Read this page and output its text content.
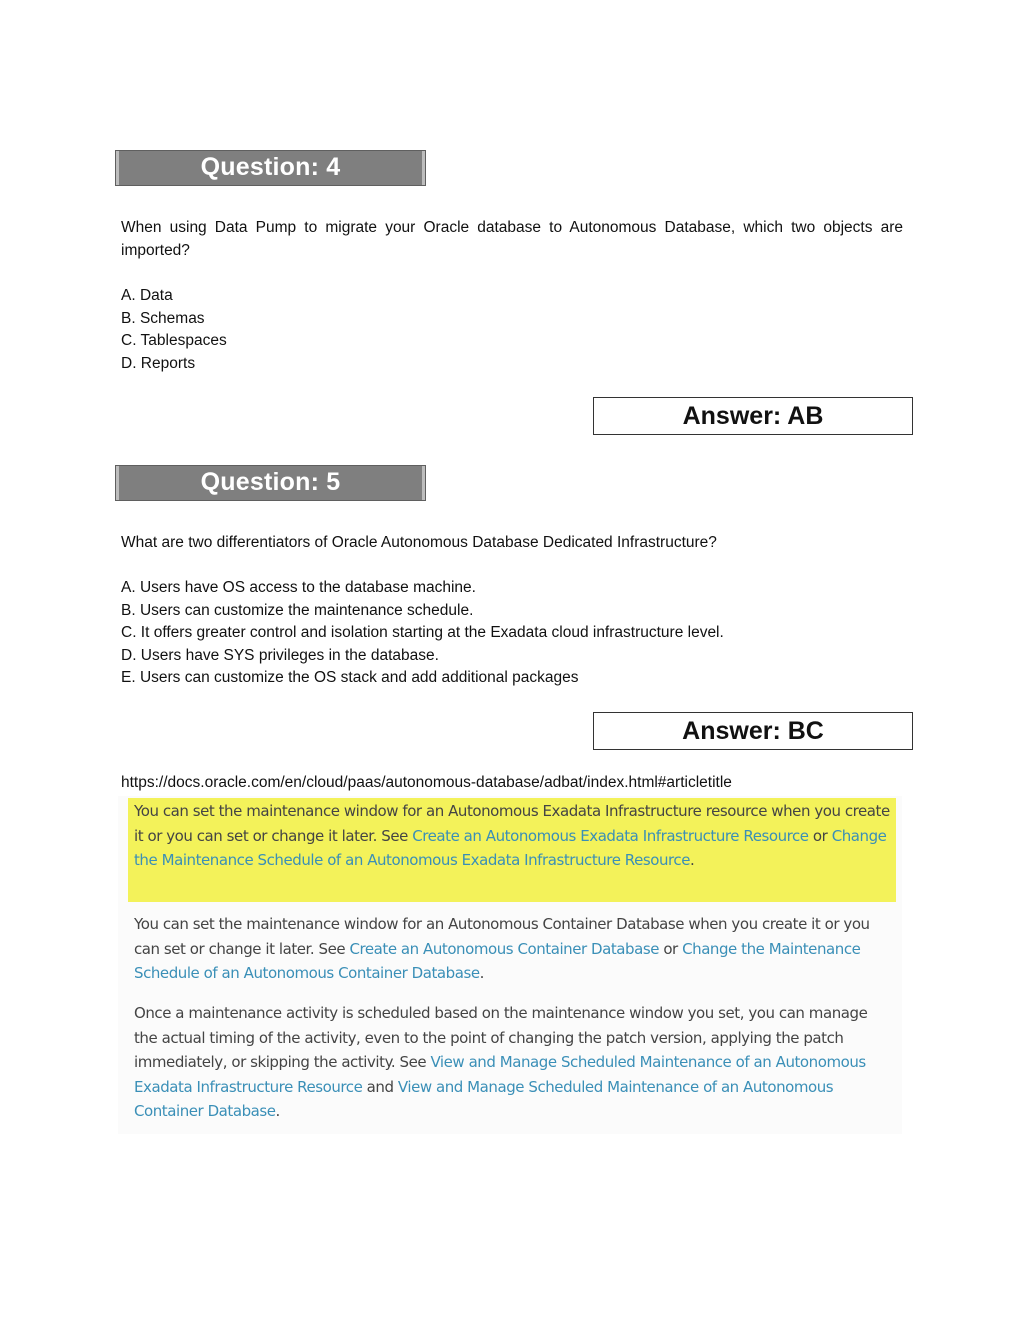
Question: 4
When using Data Pump to migrate your Oracle database to Autonomous Database, which two objects are imported?
A. Data
B. Schemas
C. Tablespaces
D. Reports
Answer: AB
Question: 5
What are two differentiators of Oracle Autonomous Database Dedicated Infrastructure?
A. Users have OS access to the database machine.
B. Users can customize the maintenance schedule.
C. It offers greater control and isolation starting at the Exadata cloud infrastructure level.
D. Users have SYS privileges in the database.
E. Users can customize the OS stack and add additional packages
Answer: BC
https://docs.oracle.com/en/cloud/paas/autonomous-database/adbat/index.html#articletitle
You can set the maintenance window for an Autonomous Exadata Infrastructure resource when you create it or you can set or change it later. See Create an Autonomous Exadata Infrastructure Resource or Change the Maintenance Schedule of an Autonomous Exadata Infrastructure Resource.
You can set the maintenance window for an Autonomous Container Database when you create it or you can set or change it later. See Create an Autonomous Container Database or Change the Maintenance Schedule of an Autonomous Container Database.
Once a maintenance activity is scheduled based on the maintenance window you set, you can manage the actual timing of the activity, even to the point of changing the patch version, applying the patch immediately, or skipping the activity. See View and Manage Scheduled Maintenance of an Autonomous Exadata Infrastructure Resource and View and Manage Scheduled Maintenance of an Autonomous Container Database.
